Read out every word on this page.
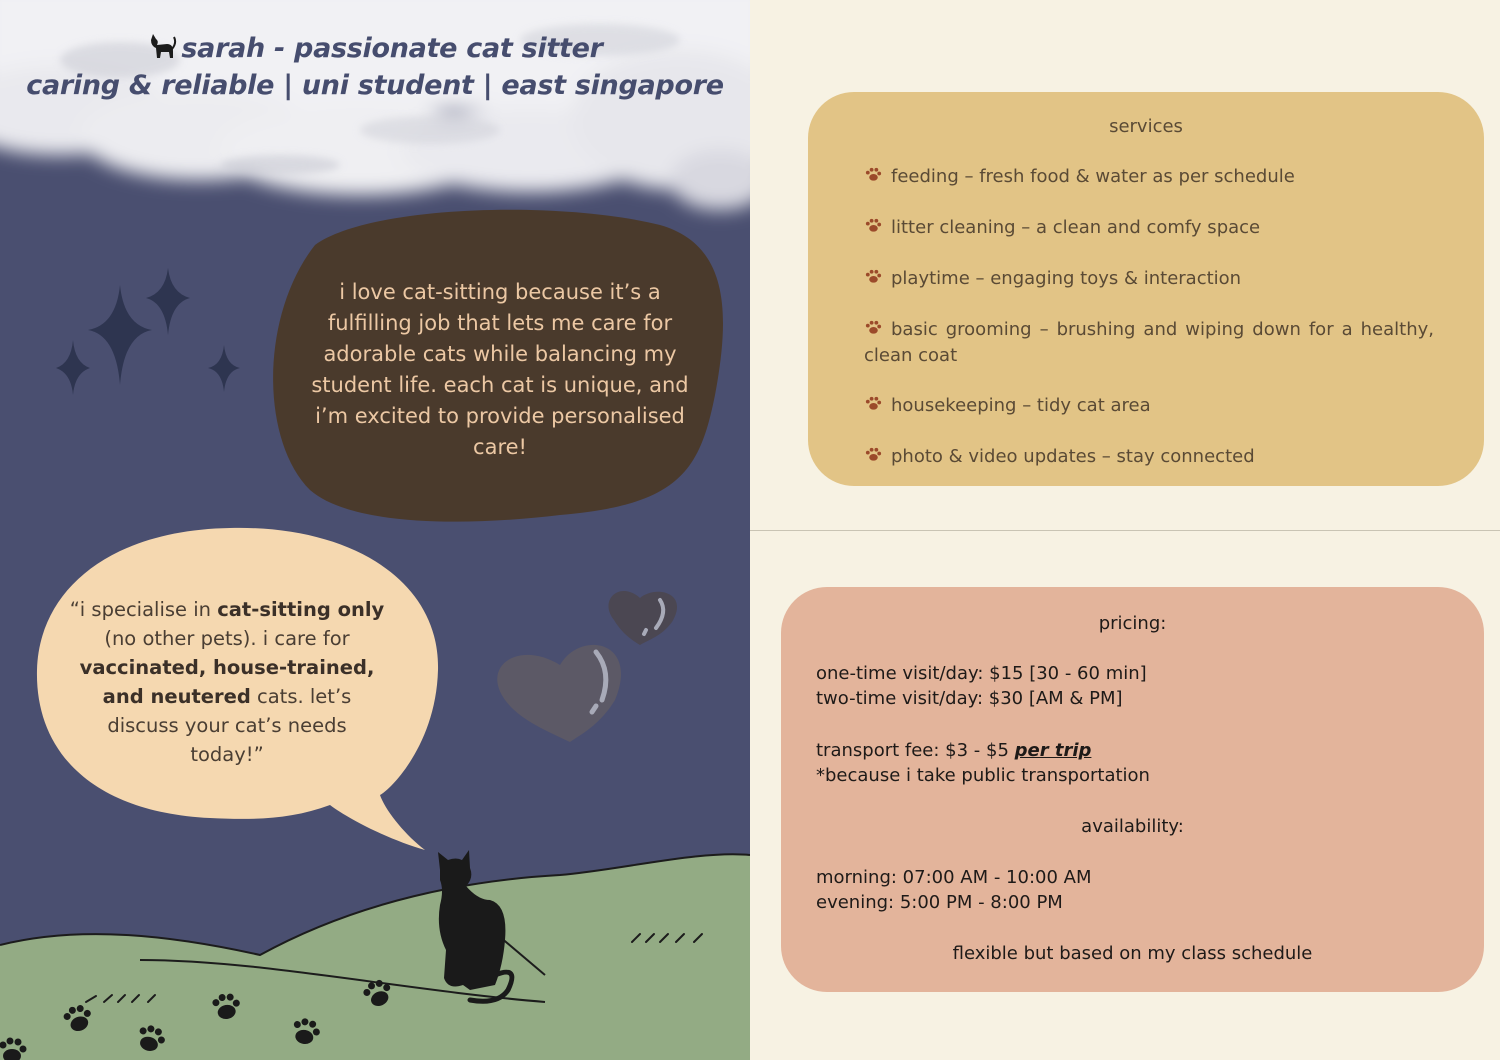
sarah - passionate cat sitter
caring & reliable | uni student | east singapore
i love cat-sitting because it’s a fulfilling job that lets me care for adorable cats while balancing my student life. each cat is unique, and i’m excited to provide personalised care!
“i specialise in cat-sitting only (no other pets). i care for vaccinated, house-trained, and neutered cats. let’s discuss your cat’s needs today!”
services
feeding – fresh food & water as per schedule
litter cleaning – a clean and comfy space
playtime – engaging toys & interaction
basic grooming – brushing and wiping down for a healthy, clean coat
housekeeping – tidy cat area
photo & video updates – stay connected
pricing:
one-time visit/day: $15 [30 - 60 min]
two-time visit/day: $30 [AM & PM]
transport fee: $3 - $5 per trip
*because i take public transportation
availability:
morning: 07:00 AM - 10:00 AM
evening: 5:00 PM - 8:00 PM
flexible but based on my class schedule
